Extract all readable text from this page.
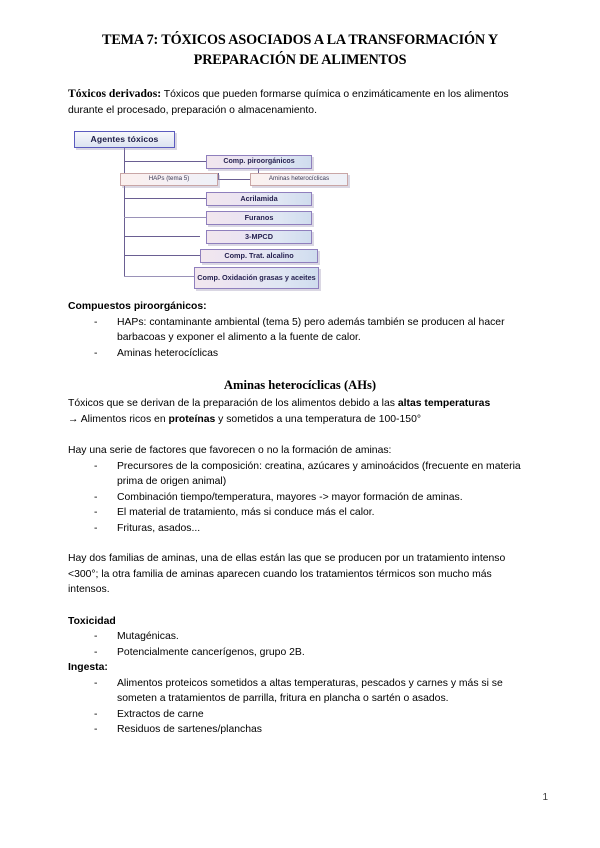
TEMA 7: TÓXICOS ASOCIADOS A LA TRANSFORMACIÓN Y PREPARACIÓN DE ALIMENTOS

Tóxicos derivados: Tóxicos que pueden formarse química o enzimáticamente en los alimentos durante el procesado, preparación o almacenamiento.

Agentes tóxicos
Comp. piroorgánicos
HAPs (tema 5)	Aminas heterocíclicas
Acrilamida
Furanos
3-MPCD
Comp. Trat. alcalino
Comp. Oxidación grasas y aceites

Compuestos piroorgánicos:

- HAPs: contaminante ambiental (tema 5) pero además también se producen al hacer barbacoas y exponer el alimento a la fuente de calor.
- Aminas heterocíclicas
Aminas heterocíclicas (AHs)

Tóxicos que se derivan de la preparación de los alimentos debido a las altas temperaturas

→ Alimentos ricos en proteínas y sometidos a una temperatura de 100-150°

Hay una serie de factores que favorecen o no la formación de aminas:

- Precursores de la composición: creatina, azúcares y aminoácidos (frecuente en materia prima de origen animal)
- Combinación tiempo/temperatura, mayores -> mayor formación de aminas.
- El material de tratamiento, más si conduce más el calor.
- Frituras, asados...

Hay dos familias de aminas, una de ellas están las que se producen por un tratamiento intenso <300°; la otra familia de aminas aparecen cuando los tratamientos térmicos son mucho más intensos.

Toxicidad

- Mutagénicas.
- Potencialmente cancerígenos, grupo 2B.

Ingesta:

- Alimentos proteicos sometidos a altas temperaturas, pescados y carnes y más si se someten a tratamientos de parrilla, fritura en plancha o sartén o asados.
- Extractos de carne
- Residuos de sartenes/planchas
1
